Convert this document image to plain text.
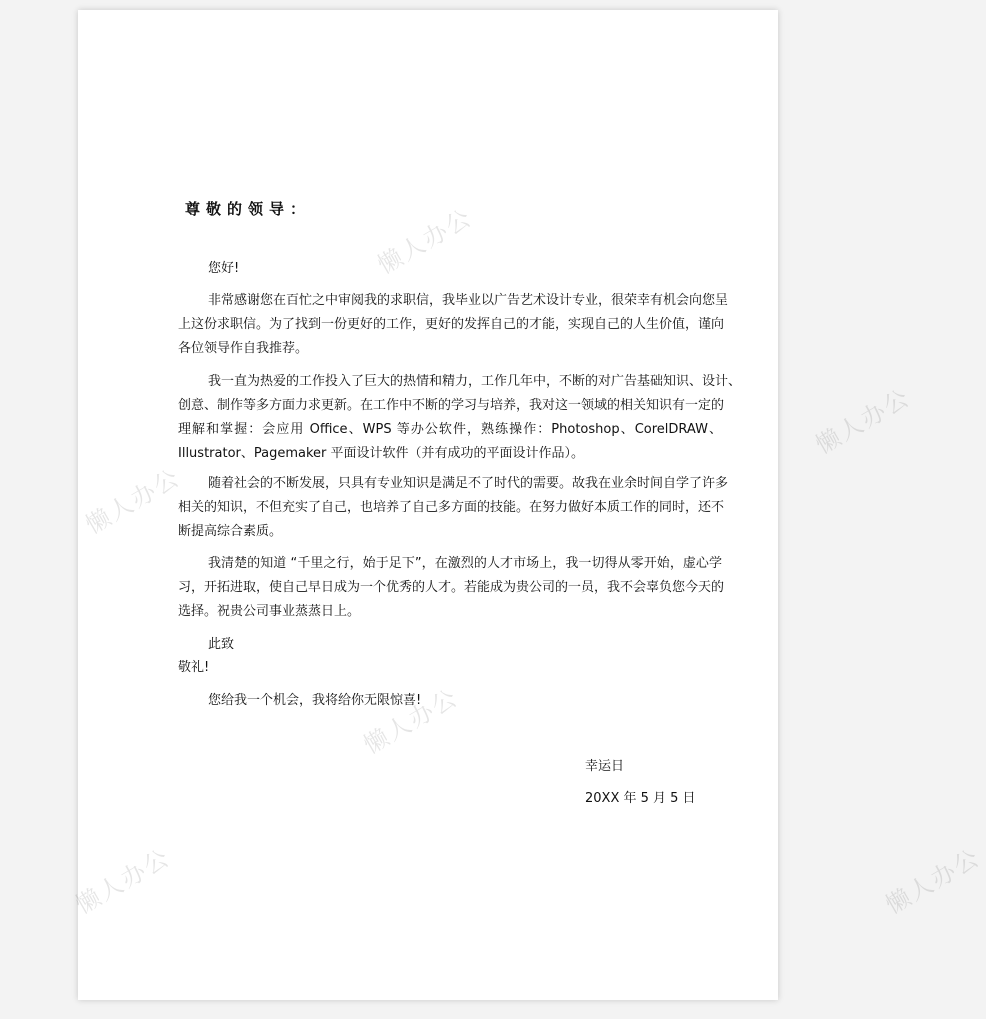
懒人办公
懒人办公
懒人办公
懒人办公
懒人办公	懒人办公
尊敬的领导：

您好!

非常感谢您在百忙之中审阅我的求职信，我毕业以广告艺术设计专业，很荣幸有机会向您呈
上这份求职信。为了找到一份更好的工作，更好的发挥自己的才能，实现自己的人生价值，谨向
各位领导作自我推荐。
我一直为热爱的工作投入了巨大的热情和精力，工作几年中，不断的对广告基础知识、设计、
创意、制作等多方面力求更新。在工作中不断的学习与培养，我对这一领域的相关知识有一定的
理解和掌握：会应用 Office、WPS 等办公软件，熟练操作：Photoshop、CorelDRAW、
Illustrator、Pagemaker 平面设计软件（并有成功的平面设计作品）。
随着社会的不断发展，只具有专业知识是满足不了时代的需要。故我在业余时间自学了许多
相关的知识，不但充实了自己，也培养了自己多方面的技能。在努力做好本质工作的同时，还不
断提高综合素质。
我清楚的知道 “千里之行，始于足下”，在激烈的人才市场上，我一切得从零开始，虚心学
习，开拓进取，使自己早日成为一个优秀的人才。若能成为贵公司的一员，我不会辜负您今天的
选择。祝贵公司事业蒸蒸日上。

此致

敬礼!

您给我一个机会，我将给你无限惊喜!

幸运日

20XX 年 5 月 5 日
